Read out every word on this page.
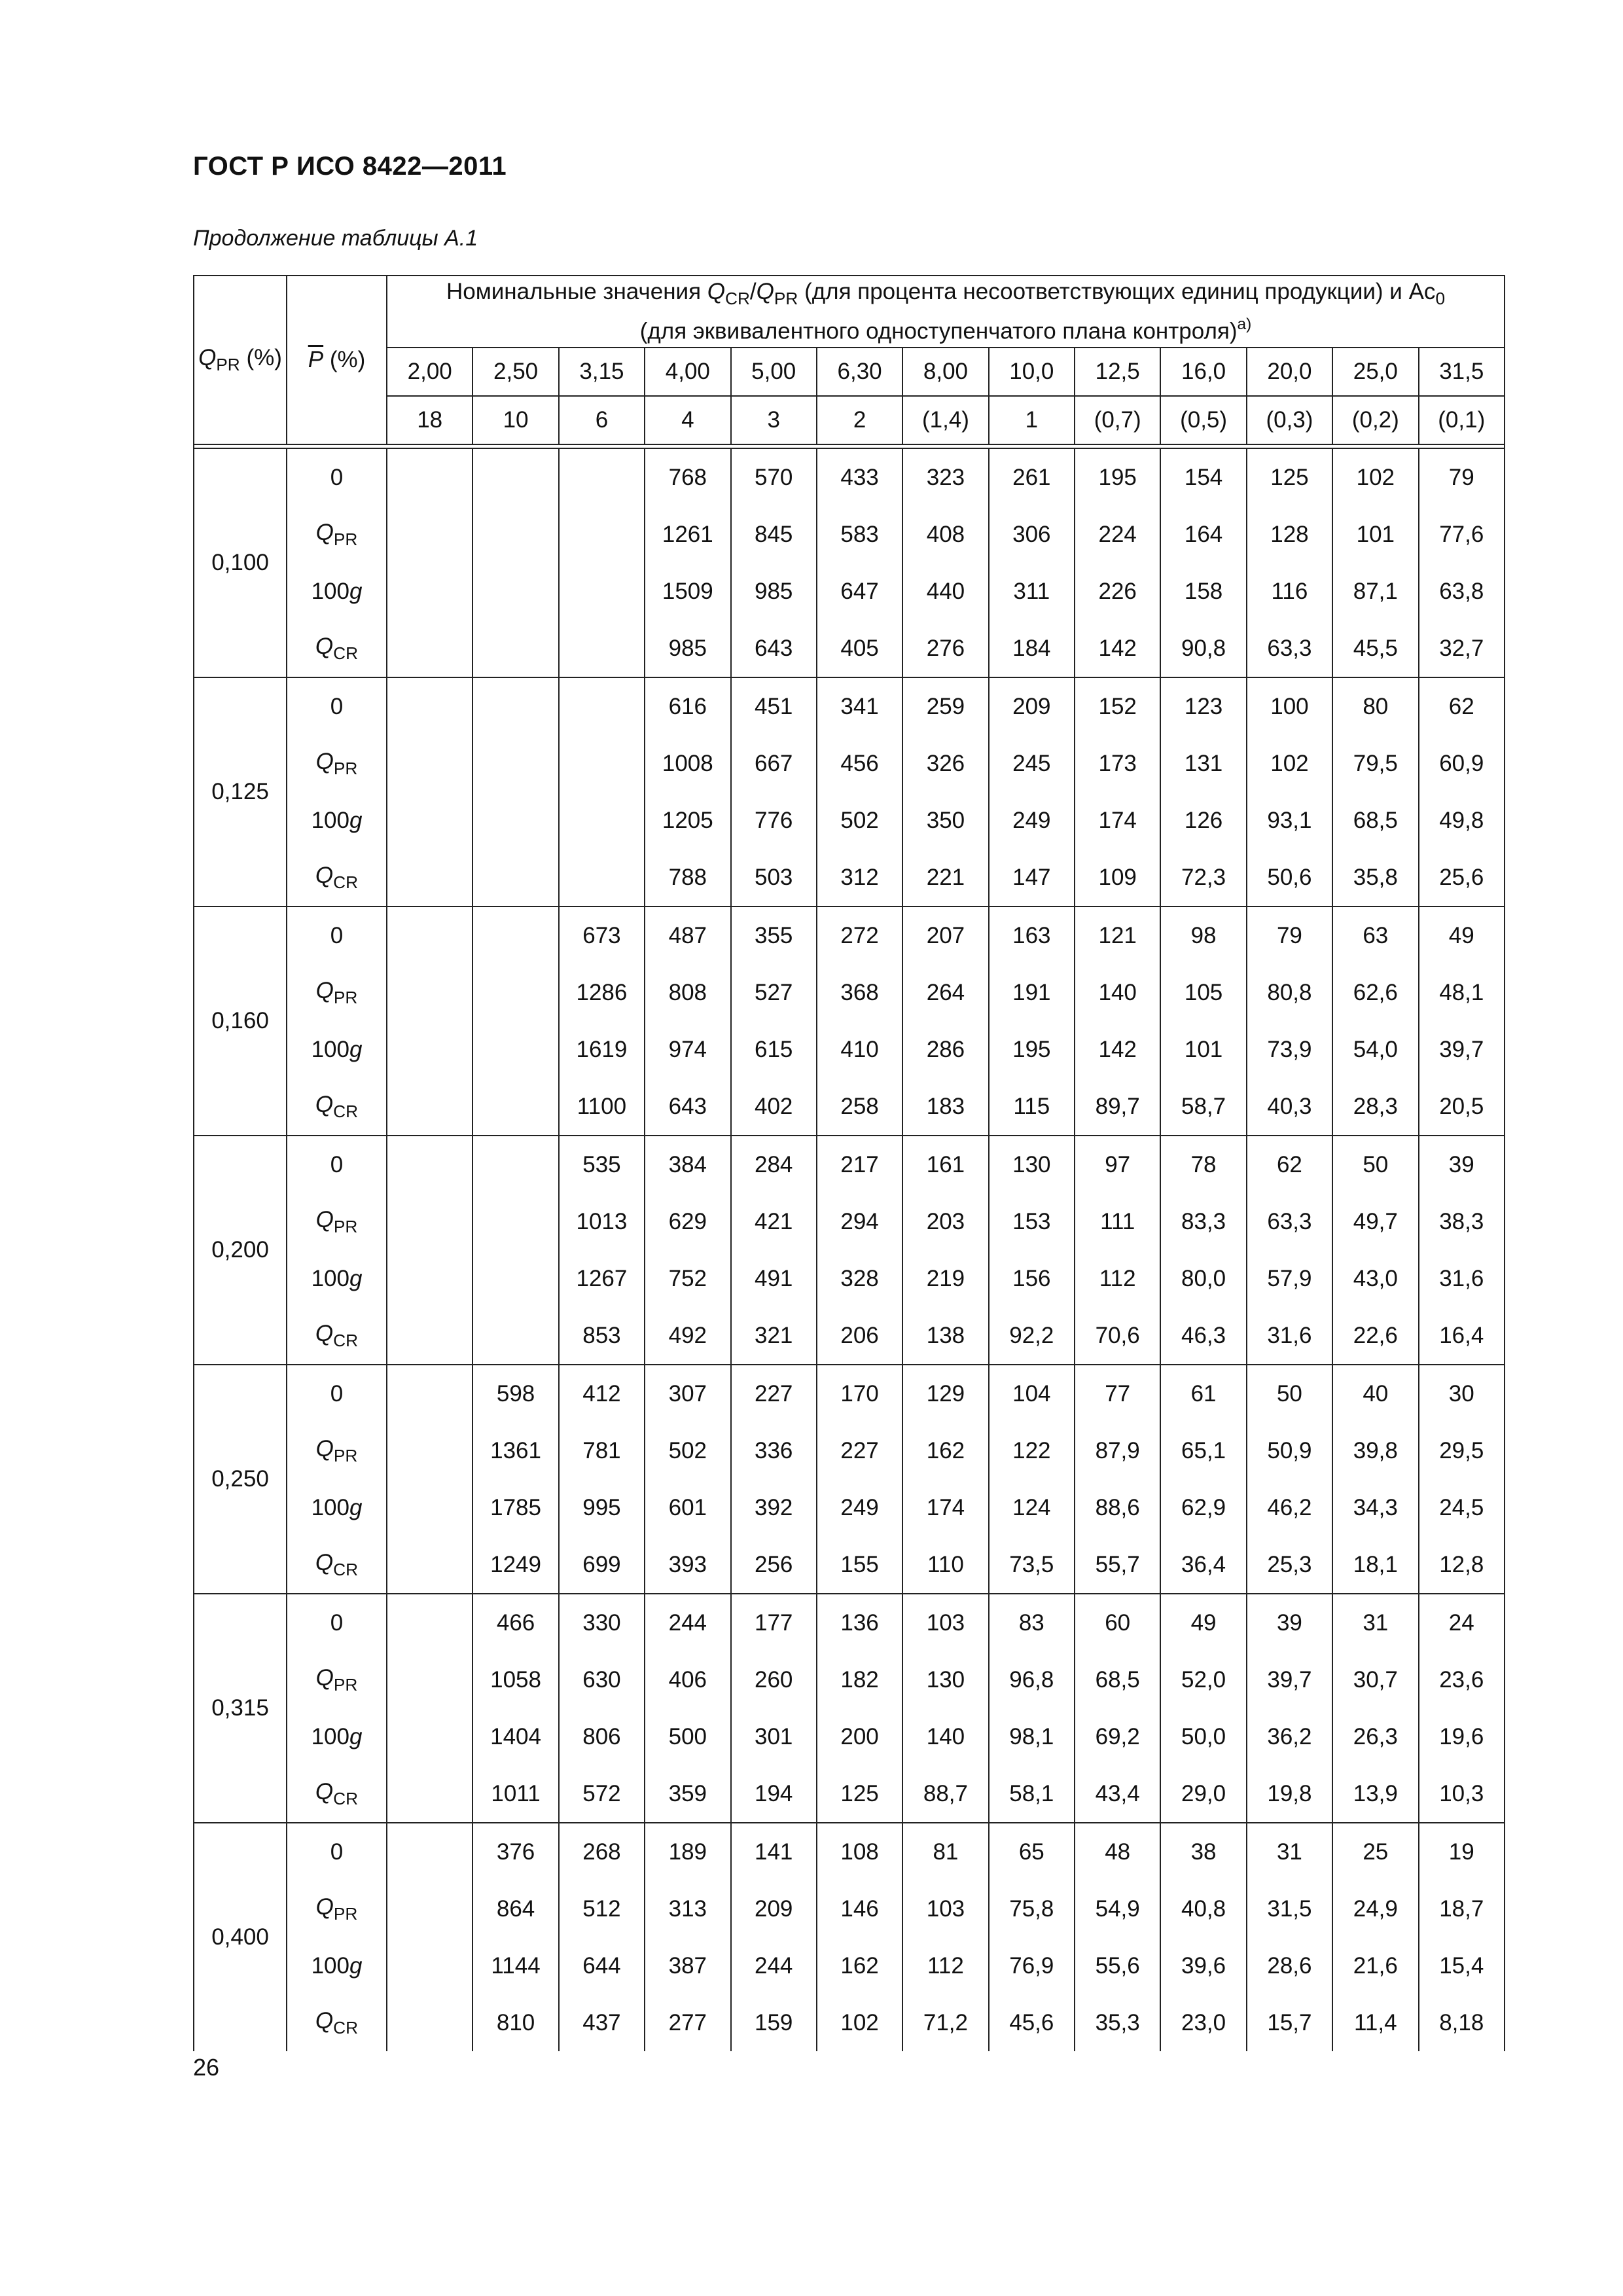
ГОСТ Р ИСО 8422—2011
Продолжение таблицы А.1
$Q_{PR}$ (%)	$\overline{P}$ (%)	Номинальные значения $Q_{CR}/Q_{PR}$ (для процента несоответствующих единиц продукции) и $Ac_0$
(для эквивалентного одноступенчатого плана контроля)$^{а)}$
		2,00	2,50	3,15	4,00	5,00	6,30	8,00	10,0	12,5	16,0	20,0	25,0	31,5
		18	10	6	4	3	2	(1,4)	1	(0,7)	(0,5)	(0,3)	(0,2)	(0,1)

0,100	0				768	570	433	323	261	195	154	125	102	79
	$Q_{PR}$				1261	845	583	408	306	224	164	128	101	77,6
	100g				1509	985	647	440	311	226	158	116	87,1	63,8
	$Q_{CR}$				985	643	405	276	184	142	90,8	63,3	45,5	32,7
0,125	0				616	451	341	259	209	152	123	100	80	62
	$Q_{PR}$				1008	667	456	326	245	173	131	102	79,5	60,9
	100g				1205	776	502	350	249	174	126	93,1	68,5	49,8
	$Q_{CR}$				788	503	312	221	147	109	72,3	50,6	35,8	25,6
0,160	0			673	487	355	272	207	163	121	98	79	63	49
	$Q_{PR}$			1286	808	527	368	264	191	140	105	80,8	62,6	48,1
	100g			1619	974	615	410	286	195	142	101	73,9	54,0	39,7
	$Q_{CR}$			1100	643	402	258	183	115	89,7	58,7	40,3	28,3	20,5
0,200	0			535	384	284	217	161	130	97	78	62	50	39
	$Q_{PR}$			1013	629	421	294	203	153	111	83,3	63,3	49,7	38,3
	100g			1267	752	491	328	219	156	112	80,0	57,9	43,0	31,6
	$Q_{CR}$			853	492	321	206	138	92,2	70,6	46,3	31,6	22,6	16,4
0,250	0		598	412	307	227	170	129	104	77	61	50	40	30
	$Q_{PR}$		1361	781	502	336	227	162	122	87,9	65,1	50,9	39,8	29,5
	100g		1785	995	601	392	249	174	124	88,6	62,9	46,2	34,3	24,5
	$Q_{CR}$		1249	699	393	256	155	110	73,5	55,7	36,4	25,3	18,1	12,8
0,315	0		466	330	244	177	136	103	83	60	49	39	31	24
	$Q_{PR}$		1058	630	406	260	182	130	96,8	68,5	52,0	39,7	30,7	23,6
	100g		1404	806	500	301	200	140	98,1	69,2	50,0	36,2	26,3	19,6
	$Q_{CR}$		1011	572	359	194	125	88,7	58,1	43,4	29,0	19,8	13,9	10,3
0,400	0		376	268	189	141	108	81	65	48	38	31	25	19
	$Q_{PR}$		864	512	313	209	146	103	75,8	54,9	40,8	31,5	24,9	18,7
	100g		1144	644	387	244	162	112	76,9	55,6	39,6	28,6	21,6	15,4
	$Q_{CR}$		810	437	277	159	102	71,2	45,6	35,3	23,0	15,7	11,4	8,18
26
